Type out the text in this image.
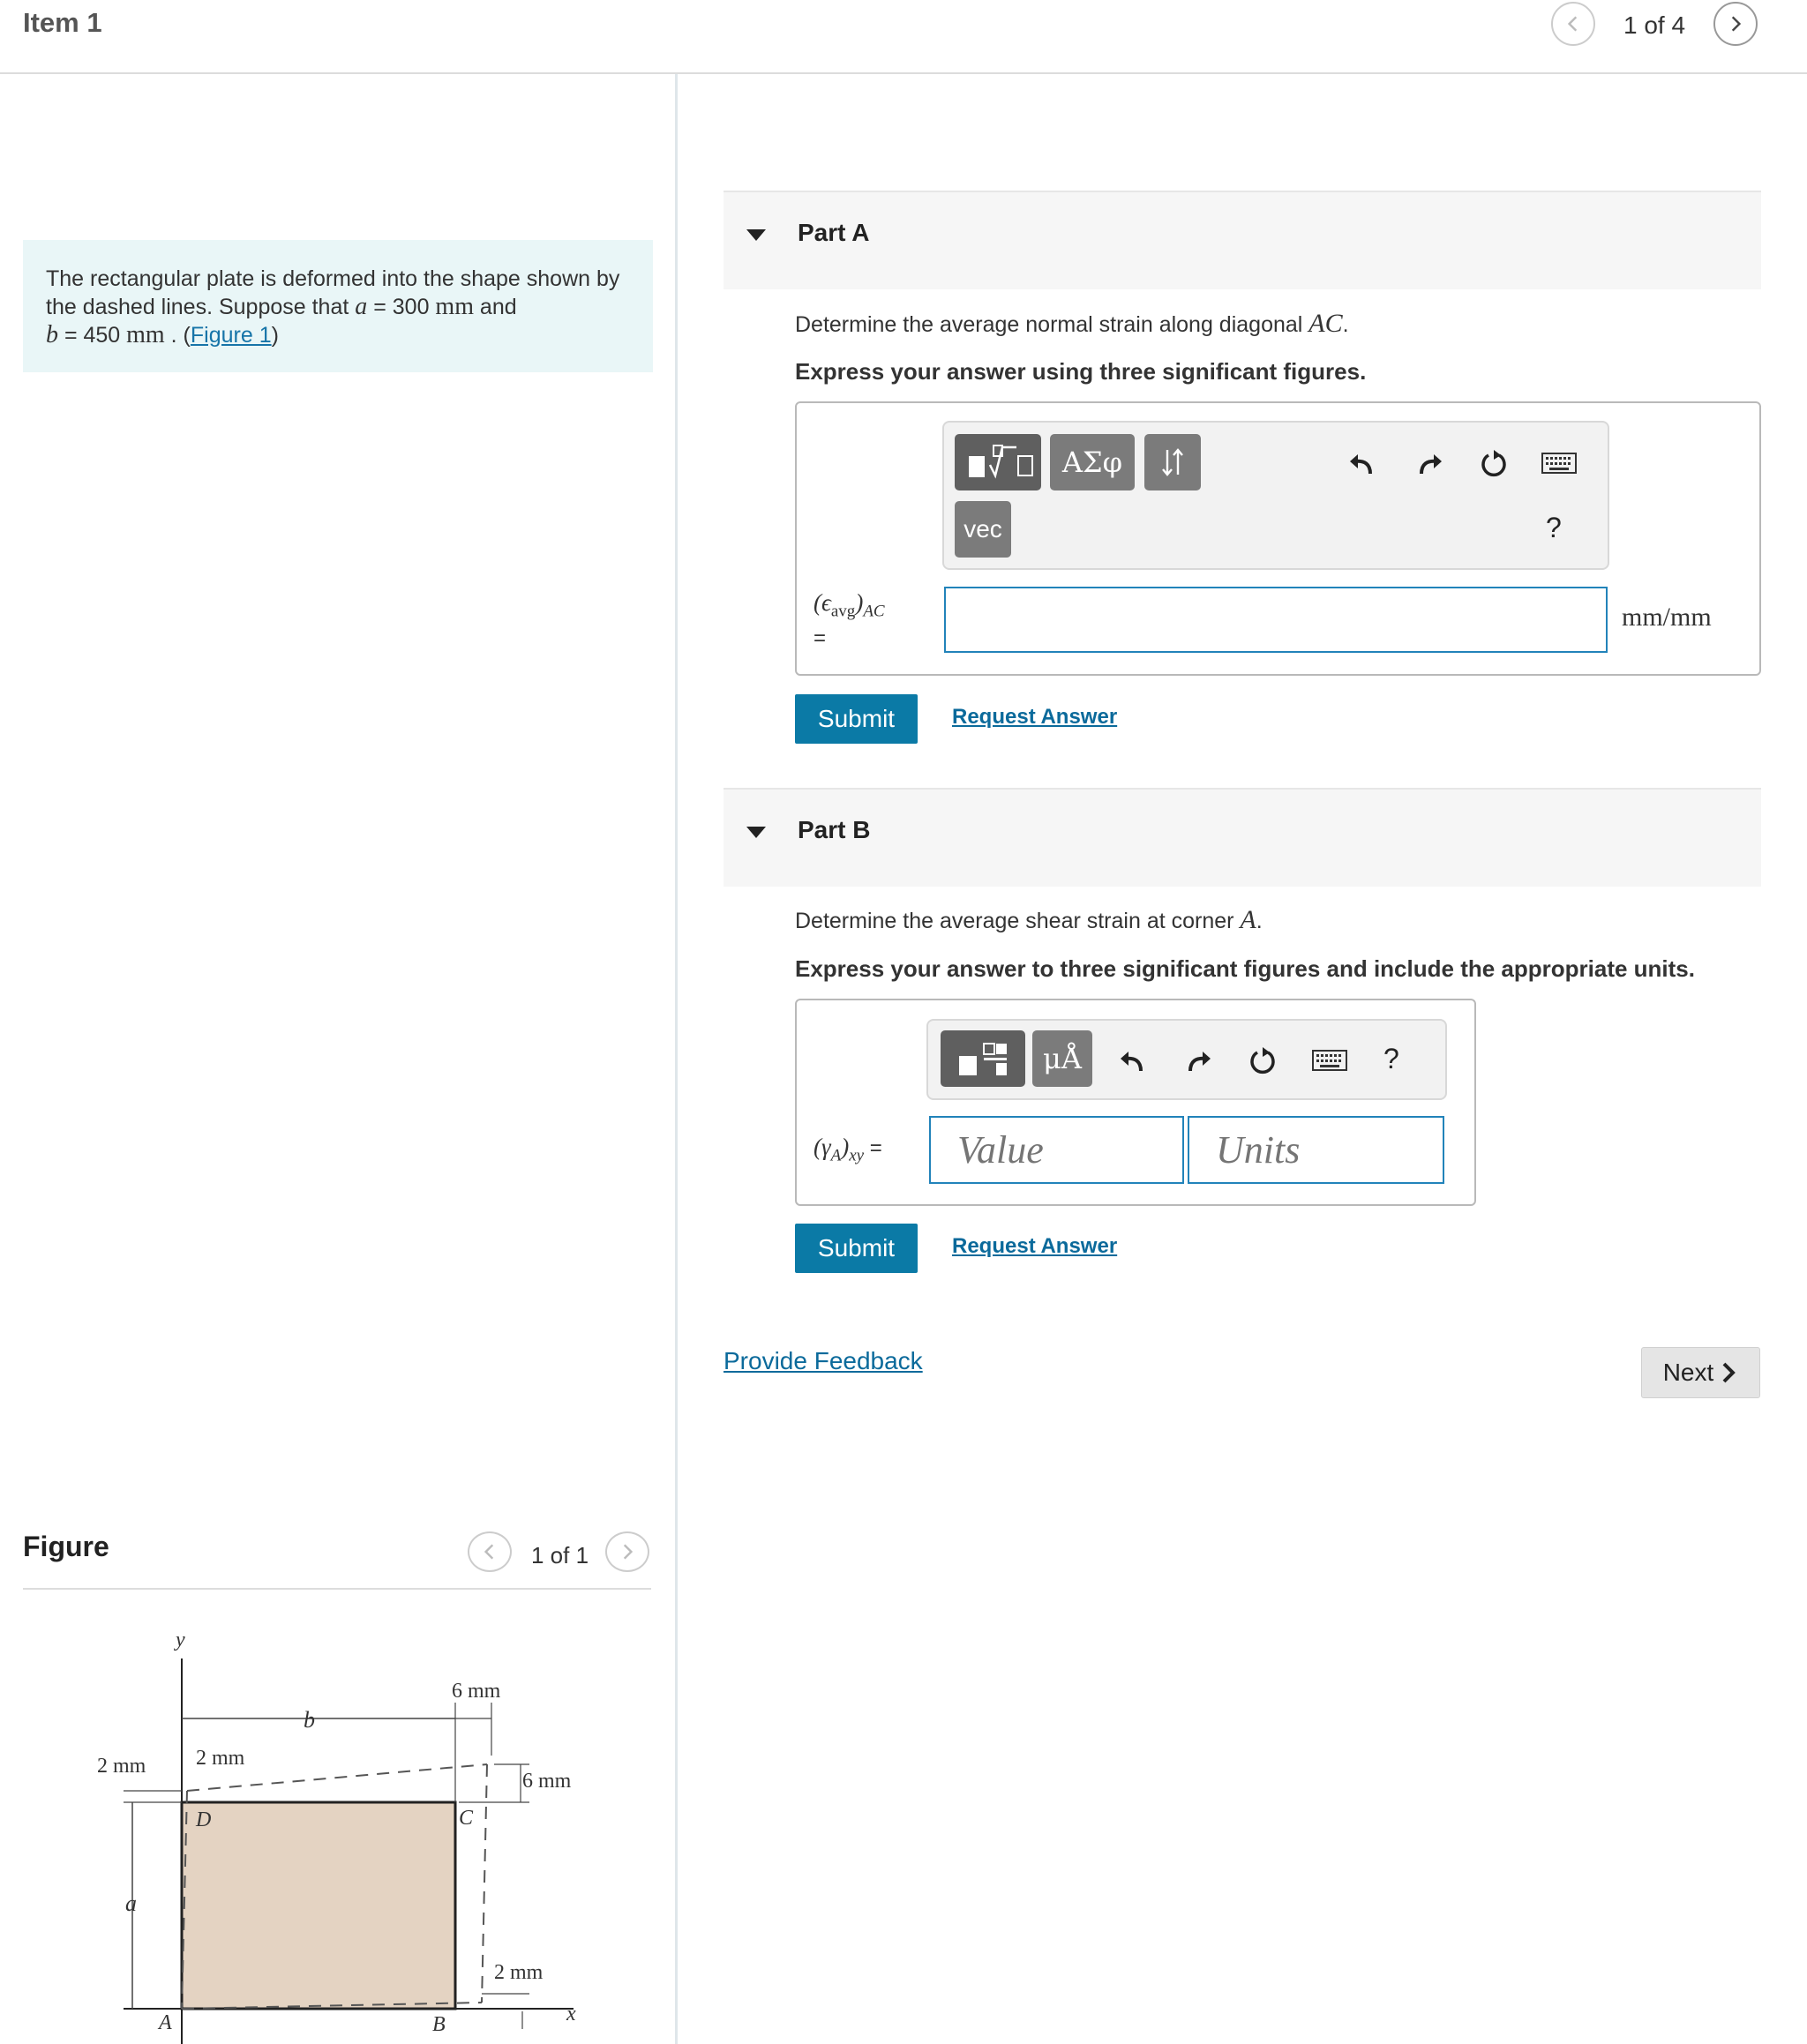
Item 1	1 of 4
The rectangular plate is deformed into the shape shown by the dashed lines. Suppose that a = 300 mm and
b = 450 mm . (Figure 1)
Figure	1 of 1
y
x
b
a
A	B
C
D
6 mm
6 mm
2 mm 2 mm
2 mm
Part A
Determine the average normal strain along diagonal AC.
Express your answer using three significant figures.
ΑΣφ
vec	?
$(\epsilon_{avg})_{AC}$
=
mm/mm
Submit	Request Answer
Part B
Determine the average shear strain at corner A.
Express your answer to three significant figures and include the appropriate units.
μÅ	?
$(\gamma_A)_{xy}$ =
Value
Units
Submit	Request Answer
Provide Feedback	Next
